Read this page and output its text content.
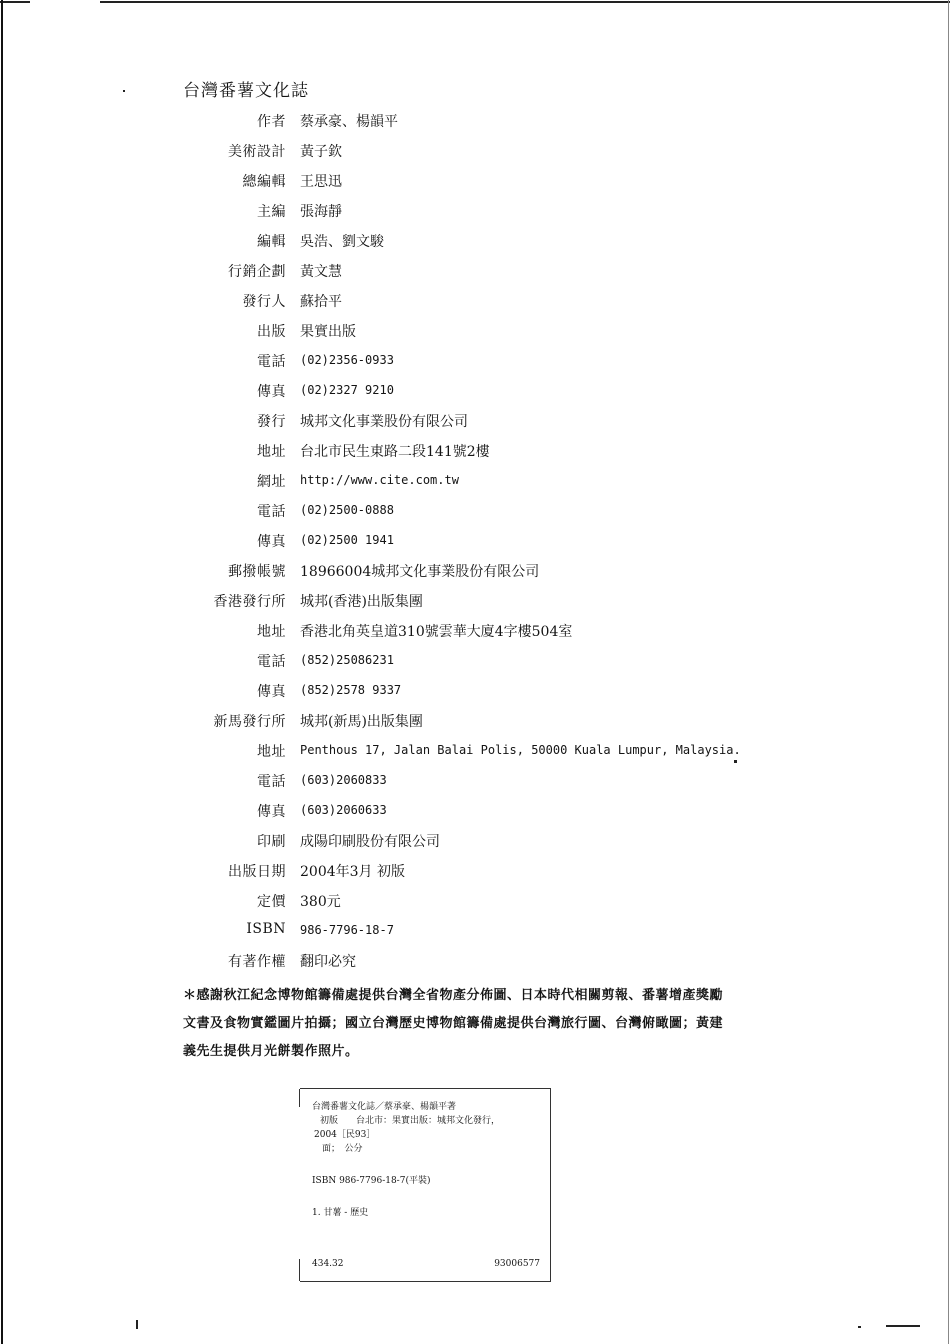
台灣番薯文化誌
作者 蔡承豪、楊韻平
美術設計 黃子欽
總編輯 王思迅
主編 張海靜
編輯 吳浩、劉文駿
行銷企劃 黃文慧
發行人 蘇拾平
出版 果實出版
電話 (02)2356-0933
傳真 (02)2327 9210
發行 城邦文化事業股份有限公司
地址 台北市民生東路二段141號2樓
網址 http://www.cite.com.tw
電話 (02)2500-0888
傳真 (02)2500 1941
郵撥帳號 18966004城邦文化事業股份有限公司
香港發行所 城邦(香港)出版集團
地址 香港北角英皇道310號雲華大廈4字樓504室
電話 (852)25086231
傳真 (852)2578 9337
新馬發行所 城邦(新馬)出版集團
地址 Penthous 17, Jalan Balai Polis, 50000 Kuala Lumpur, Malaysia.
電話 (603)2060833
傳真 (603)2060633
印刷 成陽印刷股份有限公司
出版日期 2004年3月 初版
定價 380元
ISBN 986-7796-18-7
有著作權 翻印必究
＊感謝秋江紀念博物館籌備處提供台灣全省物產分佈圖、日本時代相關剪報、番薯增產獎勵文書及食物實鑑圖片拍攝；國立台灣歷史博物館籌備處提供台灣旅行圖、台灣俯瞰圖；黃建義先生提供月光餅製作照片。
台灣番薯文化誌／蔡承豪、楊韻平著
初版　　台北市：果實出版：城邦文化發行，
2004［民93］
面；　公分
ISBN 986-7796-18-7(平裝)
1. 甘薯 - 歷史
434.32	93006577
